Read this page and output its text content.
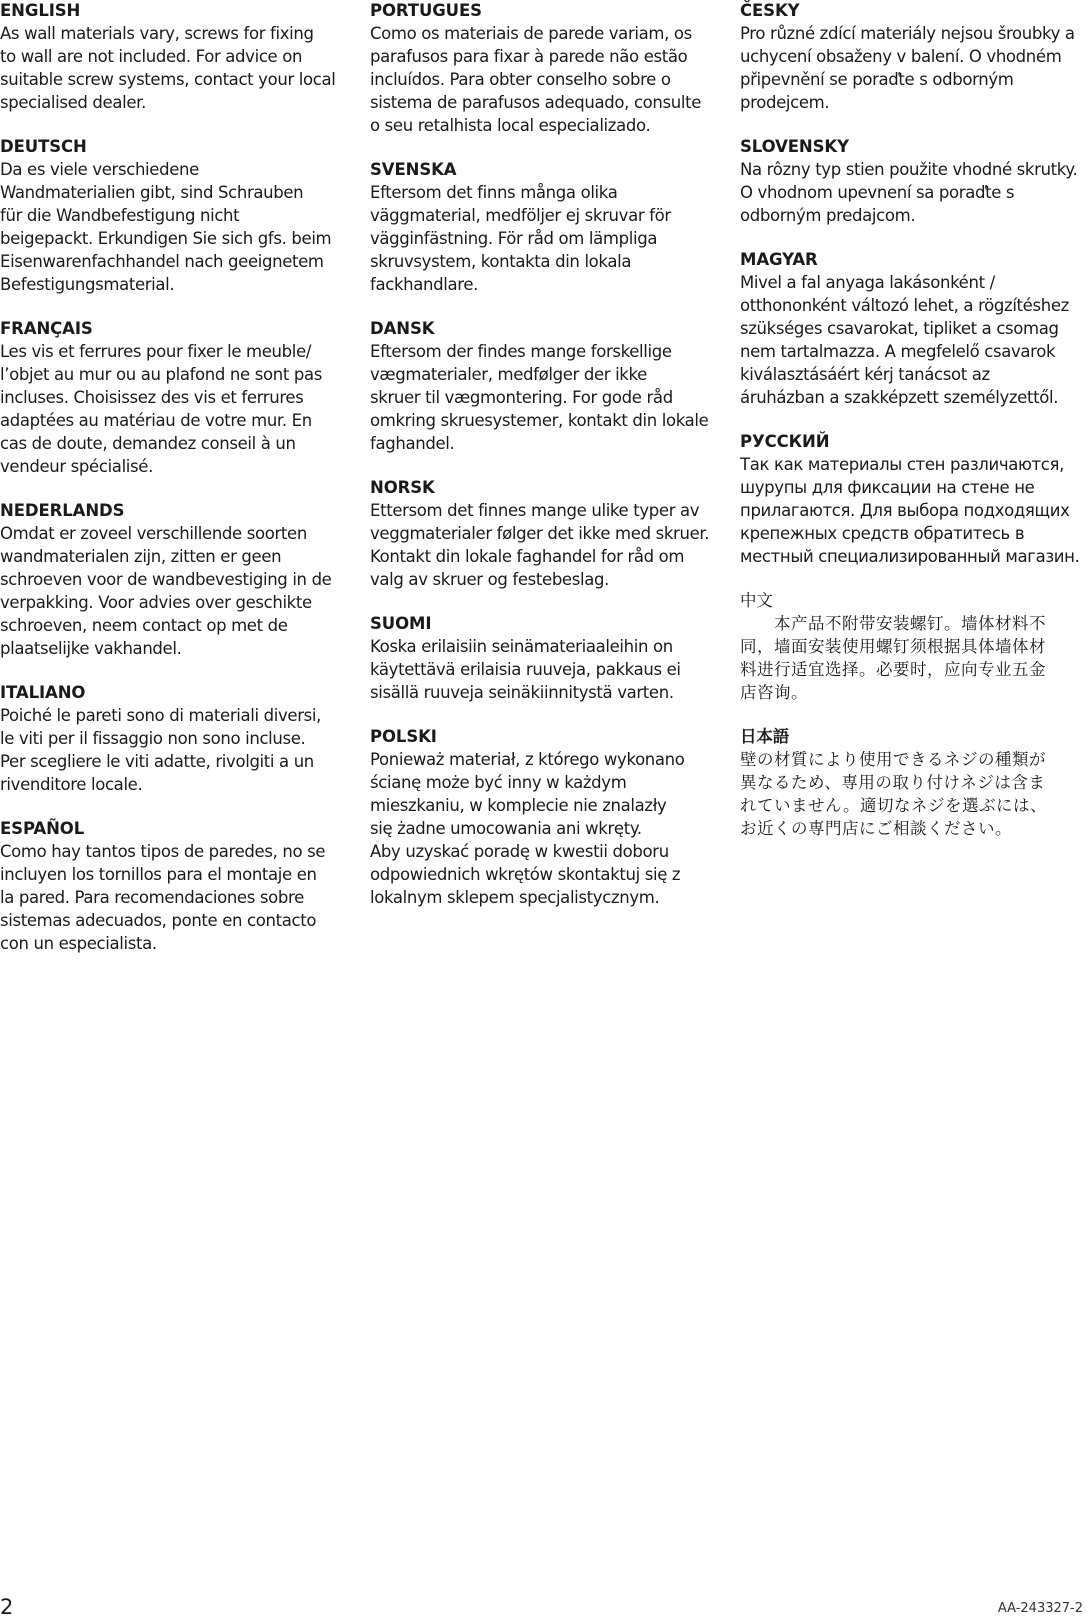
ENGLISH

As wall materials vary, screws for fixing
to wall are not included. For advice on
suitable screw systems, contact your local
specialised dealer.

DEUTSCH

Da es viele verschiedene
Wandmaterialien gibt, sind Schrauben
für die Wandbefestigung nicht
beigepackt. Erkundigen Sie sich gfs. beim
Eisenwarenfachhandel nach geeignetem
Befestigungsmaterial.

FRANÇAIS

Les vis et ferrures pour fixer le meuble/
l’objet au mur ou au plafond ne sont pas
incluses. Choisissez des vis et ferrures
adaptées au matériau de votre mur. En
cas de doute, demandez conseil à un
vendeur spécialisé.

NEDERLANDS

Omdat er zoveel verschillende soorten
wandmaterialen zijn, zitten er geen
schroeven voor de wandbevestiging in de
verpakking. Voor advies over geschikte
schroeven, neem contact op met de
plaatselijke vakhandel.

ITALIANO

Poiché le pareti sono di materiali diversi,
le viti per il fissaggio non sono incluse.
Per scegliere le viti adatte, rivolgiti a un
rivenditore locale.

ESPAÑOL

Como hay tantos tipos de paredes, no se
incluyen los tornillos para el montaje en
la pared. Para recomendaciones sobre
sistemas adecuados, ponte en contacto
con un especialista.

PORTUGUES

Como os materiais de parede variam, os
parafusos para fixar à parede não estão
incluídos. Para obter conselho sobre o
sistema de parafusos adequado, consulte
o seu retalhista local especializado.

SVENSKA

Eftersom det finns många olika
väggmaterial, medföljer ej skruvar för
vägginfästning. För råd om lämpliga
skruvsystem, kontakta din lokala
fackhandlare.

DANSK

Eftersom der findes mange forskellige
vægmaterialer, medfølger der ikke
skruer til vægmontering. For gode råd
omkring skruesystemer, kontakt din lokale
faghandel.

NORSK

Ettersom det finnes mange ulike typer av
veggmaterialer følger det ikke med skruer.
Kontakt din lokale faghandel for råd om
valg av skruer og festebeslag.

SUOMI

Koska erilaisiin seinämateriaaleihin on
käytettävä erilaisia ruuveja, pakkaus ei
sisällä ruuveja seinäkiinnitystä varten.

POLSKI

Ponieważ materiał, z którego wykonano
ścianę może być inny w każdym
mieszkaniu, w komplecie nie znalazły
się żadne umocowania ani wkręty.
Aby uzyskać poradę w kwestii doboru
odpowiednich wkrętów skontaktuj się z
lokalnym sklepem specjalistycznym.

ČESKY

Pro různé zdící materiály nejsou šroubky a
uchycení obsaženy v balení. O vhodném
připevnění se poraďte s odborným
prodejcem.

SLOVENSKY

Na rôzny typ stien použite vhodné skrutky.
O vhodnom upevnení sa poraďte s
odborným predajcom.

MAGYAR

Mivel a fal anyaga lakásonként /
otthononként változó lehet, a rögzítéshez
szükséges csavarokat, tipliket a csomag
nem tartalmazza. A megfelelő csavarok
kiválasztásáért kérj tanácsot az
áruházban a szakképzett személyzettől.

РУССКИЙ

Так как материалы стен различаются,
шурупы для фиксации на стене не
прилагаются. Для выбора подходящих
крепежных средств обратитесь в
местный специализированный магазин.

中文

　　本产品不附带安装螺钉。墙体材料不
同，墙面安装使用螺钉须根据具体墙体材
料进行适宜选择。必要时，应向专业五金
店咨询。

日本語

壁の材質により使用できるネジの種類が
異なるため、専用の取り付けネジは含ま
れていません。適切なネジを選ぶには、
お近くの専門店にご相談ください。

2	AA-243327-2
